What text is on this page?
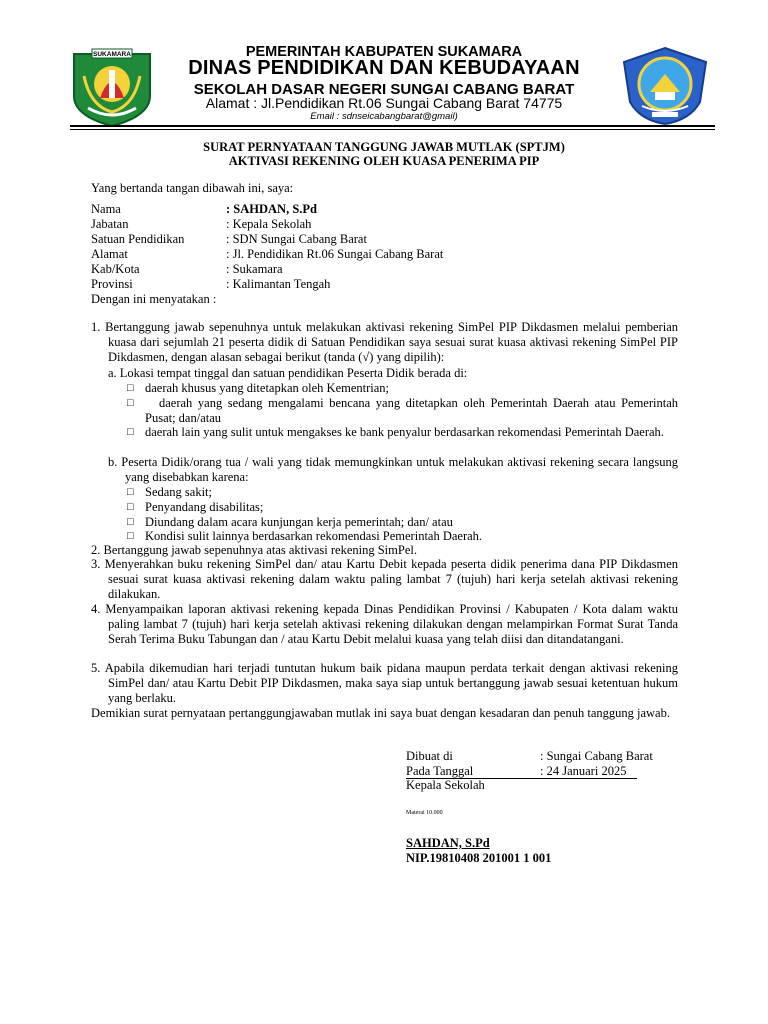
SUKAMARA	PEMERINTAH KABUPATEN SUKAMARA
DINAS PENDIDIKAN DAN KEBUDAYAAN
SEKOLAH DASAR NEGERI SUNGAI CABANG BARAT
Alamat : Jl.Pendidikan Rt.06 Sungai Cabang Barat 74775
Email : sdnseicabangbarat@gmail)
SURAT PERNYATAAN TANGGUNG JAWAB MUTLAK (SPTJM)
AKTIVASI REKENING OLEH KUASA PENERIMA PIP
Yang bertanda tangan dibawah ini, saya:
Nama	: SAHDAN, S.Pd
Jabatan	: Kepala Sekolah
Satuan Pendidikan	: SDN Sungai Cabang Barat
Alamat	: Jl. Pendidikan Rt.06 Sungai Cabang Barat
Kab/Kota	: Sukamara
Provinsi	: Kalimantan Tengah
Dengan ini menyatakan :
1. Bertanggung jawab sepenuhnya untuk melakukan aktivasi rekening SimPel PIP Dikdasmen melalui pemberian kuasa dari sejumlah 21 peserta didik di Satuan Pendidikan saya sesuai surat kuasa aktivasi rekening SimPel PIP Dikdasmen, dengan alasan sebagai berikut (tanda (√) yang dipilih):
a. Lokasi tempat tinggal dan satuan pendidikan Peserta Didik berada di:
□ daerah khusus yang ditetapkan oleh Kementrian;
□	daerah yang sedang mengalami bencana yang ditetapkan oleh Pemerintah Daerah atau Pemerintah Pusat; dan/atau
□ daerah lain yang sulit untuk mengakses ke bank penyalur berdasarkan rekomendasi Pemerintah Daerah.
b. Peserta Didik/orang tua / wali yang tidak memungkinkan untuk melakukan aktivasi rekening secara langsung yang disebabkan karena:
□ Sedang sakit;
□ Penyandang disabilitas;
□ Diundang dalam acara kunjungan kerja pemerintah; dan/ atau
□ Kondisi sulit lainnya berdasarkan rekomendasi Pemerintah Daerah.
2. Bertanggung jawab sepenuhnya atas aktivasi rekening SimPel.
3. Menyerahkan buku rekening SimPel dan/ atau Kartu Debit kepada peserta didik penerima dana PIP Dikdasmen sesuai surat kuasa aktivasi rekening dalam waktu paling lambat 7 (tujuh) hari kerja setelah aktivasi rekening dilakukan.
4. Menyampaikan laporan aktivasi rekening kepada Dinas Pendidikan Provinsi / Kabupaten / Kota dalam waktu paling lambat 7 (tujuh) hari kerja setelah aktivasi rekening dilakukan dengan melampirkan Format Surat Tanda Serah Terima Buku Tabungan dan / atau Kartu Debit melalui kuasa yang telah diisi dan ditandatangani.
5. Apabila dikemudian hari terjadi tuntutan hukum baik pidana maupun perdata terkait dengan aktivasi rekening SimPel dan/ atau Kartu Debit PIP Dikdasmen, maka saya siap untuk bertanggung jawab sesuai ketentuan hukum yang berlaku.
Demikian surat pernyataan pertanggungjawaban mutlak ini saya buat dengan kesadaran dan penuh tanggung jawab.
Dibuat di	: Sungai Cabang Barat
Pada Tanggal	: 24 Januari 2025
Kepala Sekolah
Materai 10.000
SAHDAN, S.Pd
NIP.19810408 201001 1 001
